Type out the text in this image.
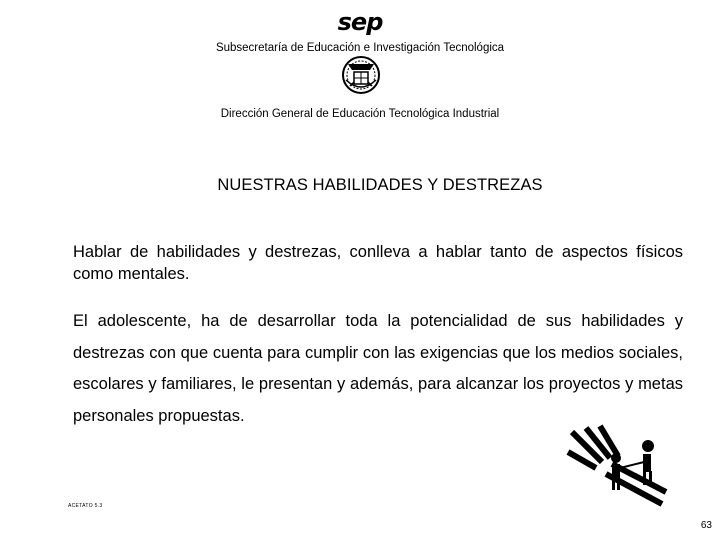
sep
Subsecretaría de Educación e Investigación Tecnológica
Dirección General de Educación Tecnológica Industrial
NUESTRAS HABILIDADES Y DESTREZAS

Hablar de habilidades y destrezas, conlleva a hablar tanto de aspectos físicos como mentales.

El adolescente, ha de desarrollar toda la potencialidad de sus habilidades y destrezas con que cuenta para cumplir con las exigencias que los medios sociales, escolares y familiares, le presentan y además, para alcanzar los proyectos y metas personales propuestas.

ACETATO 5.3
63
